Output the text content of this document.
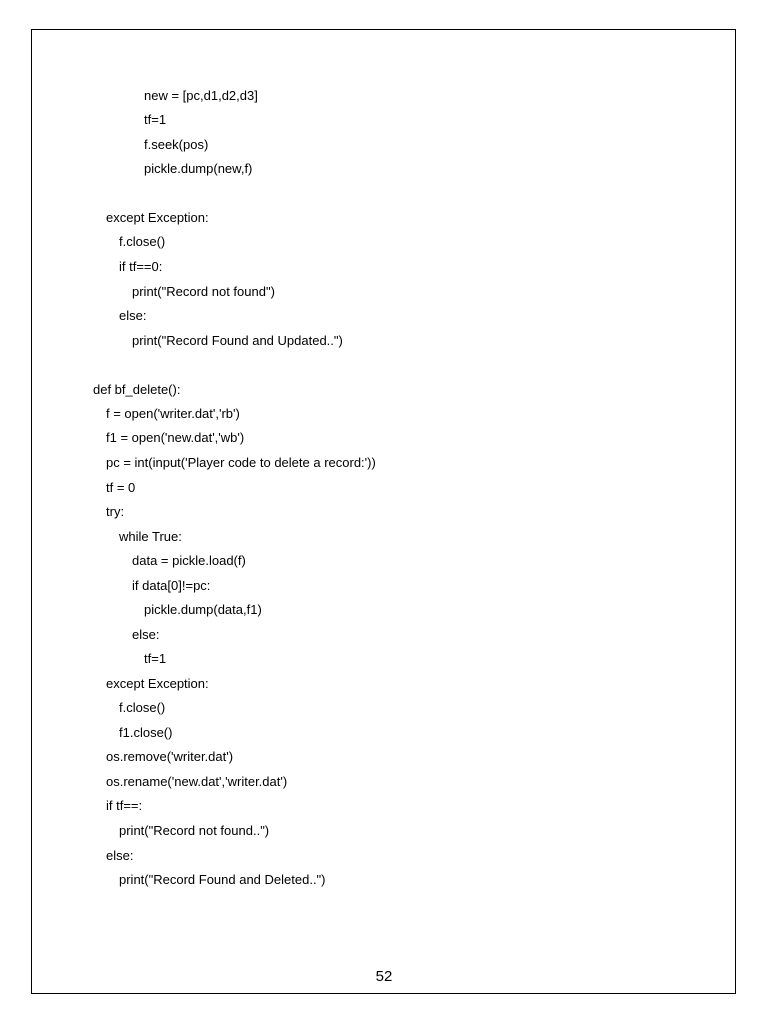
new = [pc,d1,d2,d3]
tf=1
f.seek(pos)
pickle.dump(new,f)
except Exception:
f.close()
if tf==0:
print("Record not found")
else:
print("Record Found and Updated..")
def bf_delete():
f = open('writer.dat','rb')
f1 = open('new.dat','wb')
pc = int(input('Player code to delete a record:'))
tf = 0
try:
while True:
data = pickle.load(f)
if data[0]!=pc:
pickle.dump(data,f1)
else:
tf=1
except Exception:
f.close()
f1.close()
os.remove('writer.dat')
os.rename('new.dat','writer.dat')
if tf==:
print("Record not found..")
else:
print("Record Found and Deleted..")
52
